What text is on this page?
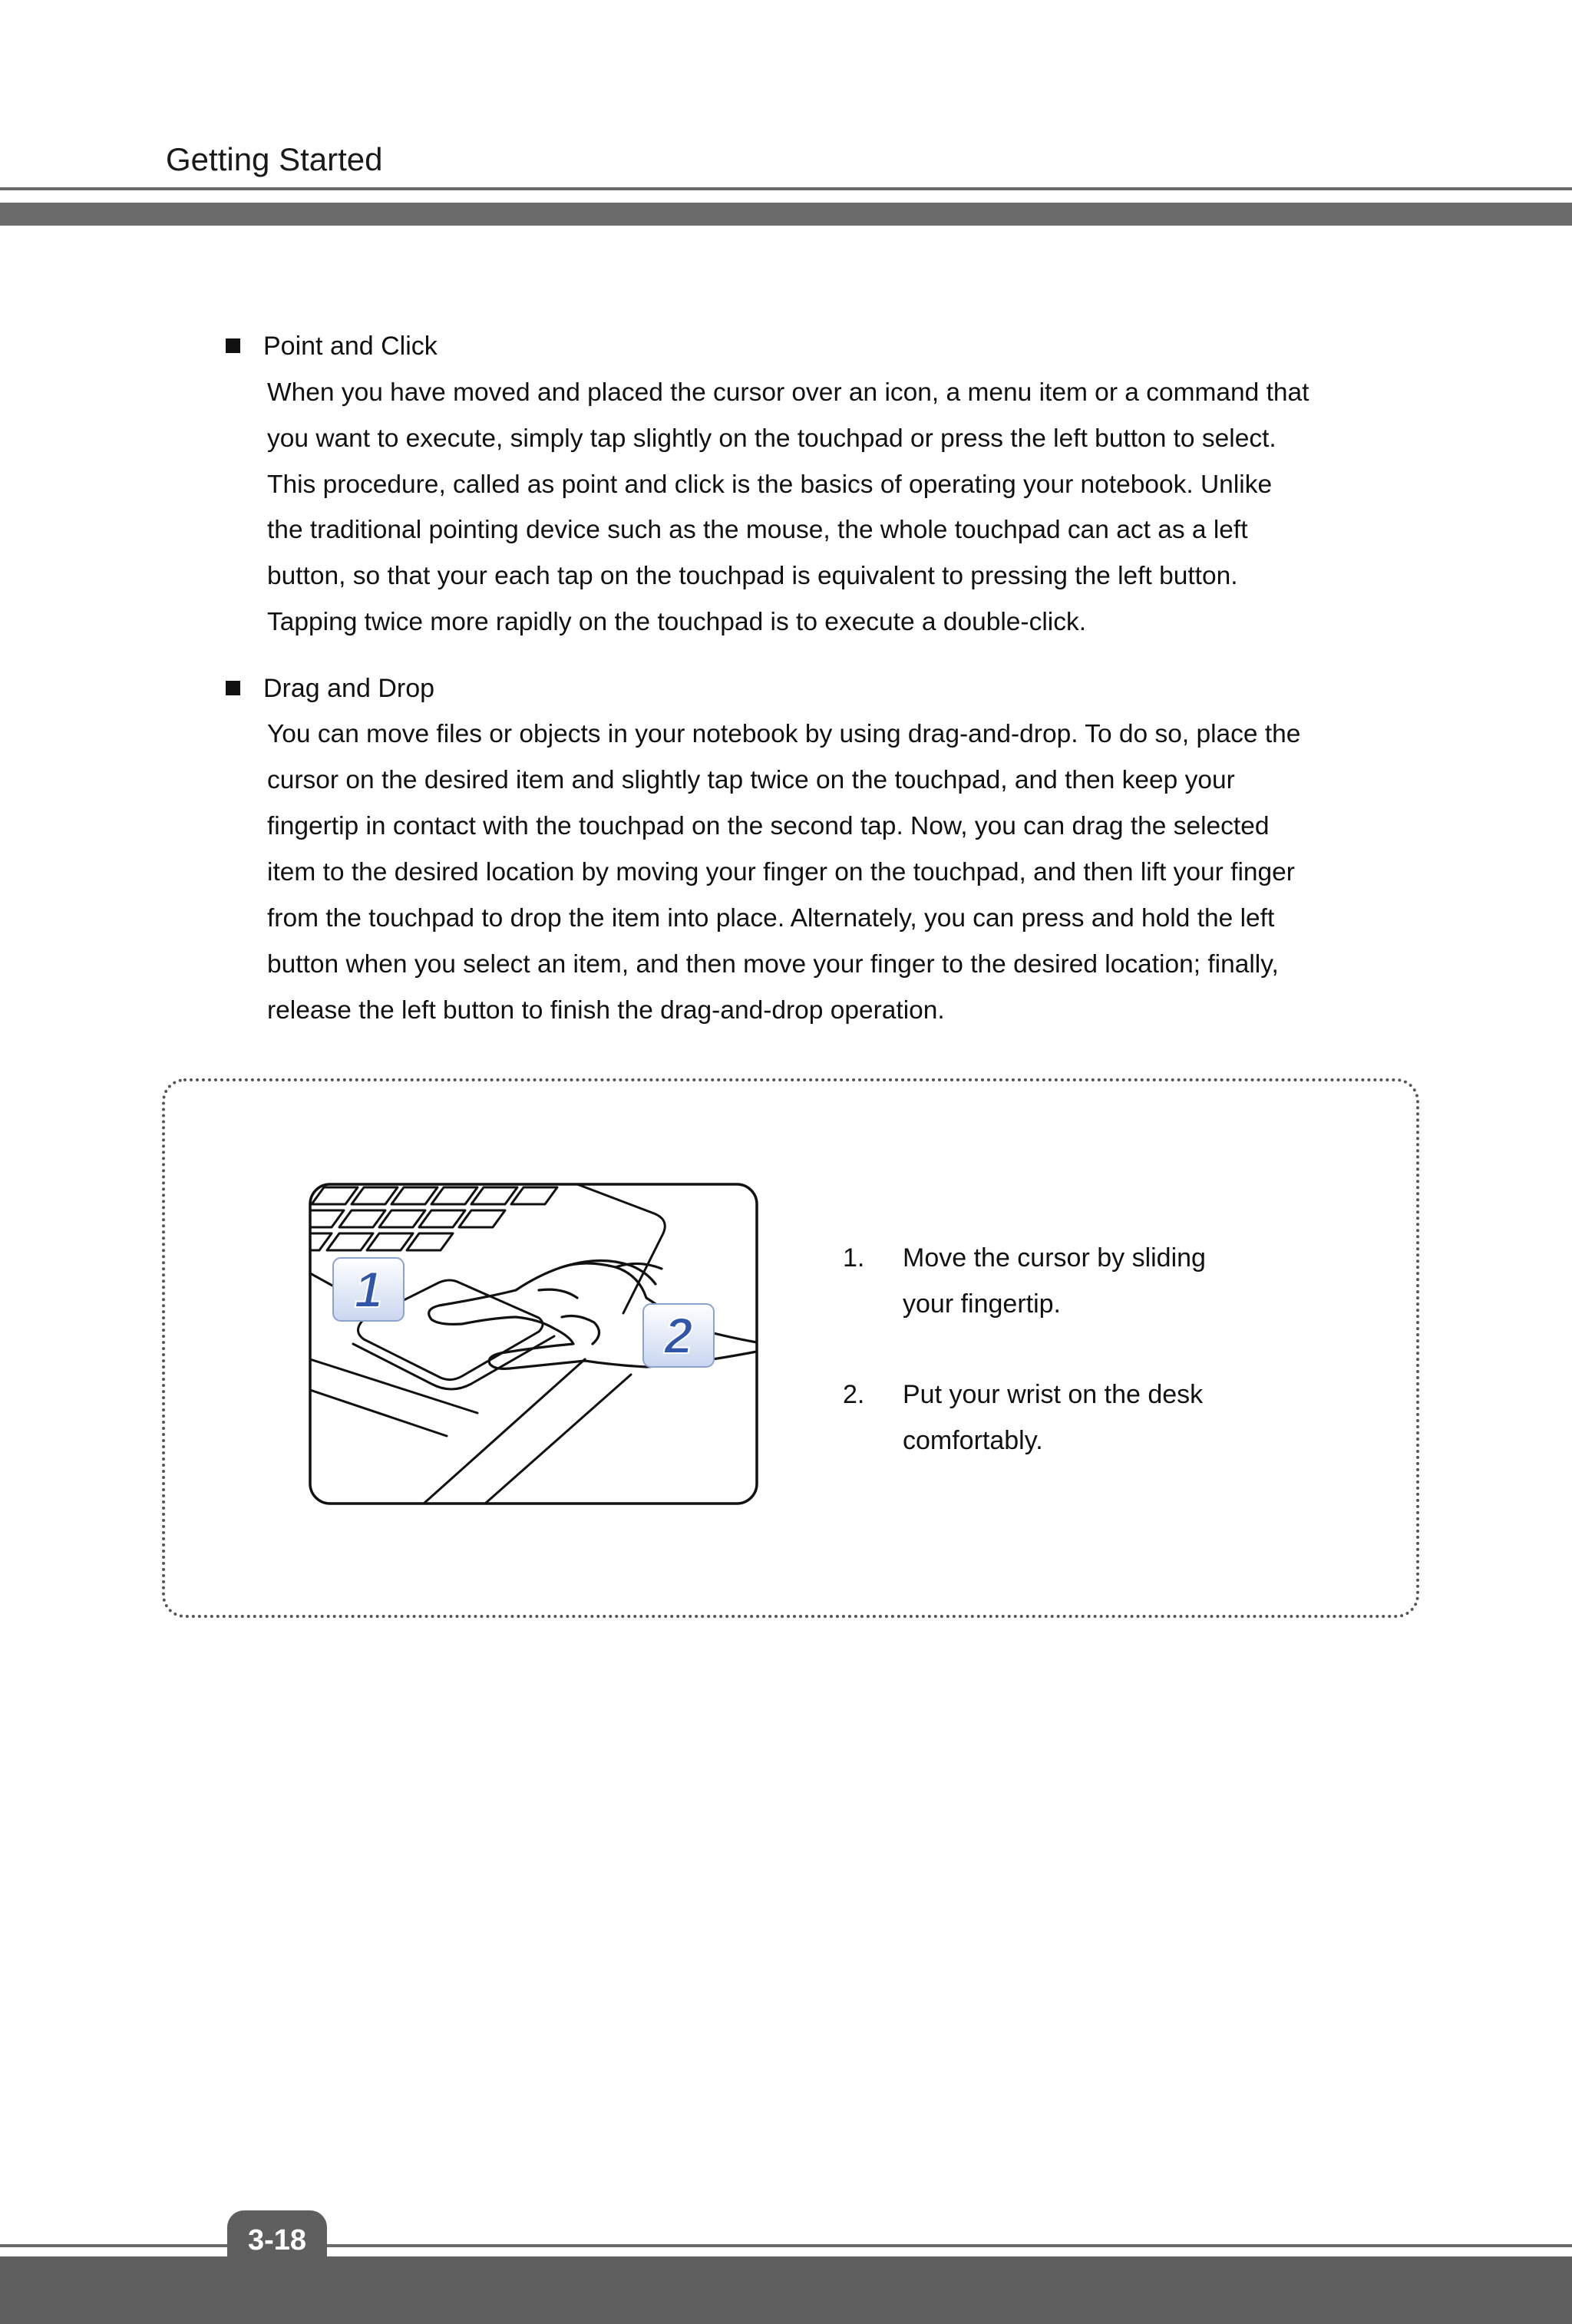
Getting Started
Point and Click
When you have moved and placed the cursor over an icon, a menu item or a command that
you want to execute, simply tap slightly on the touchpad or press the left button to select.
This procedure, called as point and click is the basics of operating your notebook. Unlike
the traditional pointing device such as the mouse, the whole touchpad can act as a left
button, so that your each tap on the touchpad is equivalent to pressing the left button.
Tapping twice more rapidly on the touchpad is to execute a double-click.
Drag and Drop
You can move files or objects in your notebook by using drag-and-drop. To do so, place the
cursor on the desired item and slightly tap twice on the touchpad, and then keep your
fingertip in contact with the touchpad on the second tap. Now, you can drag the selected
item to the desired location by moving your finger on the touchpad, and then lift your finger
from the touchpad to drop the item into place. Alternately, you can press and hold the left
button when you select an item, and then move your finger to the desired location; finally,
release the left button to finish the drag-and-drop operation.
1
2
1. Move the cursor by sliding
your fingertip.
2. Put your wrist on the desk
comfortably.
3-18
